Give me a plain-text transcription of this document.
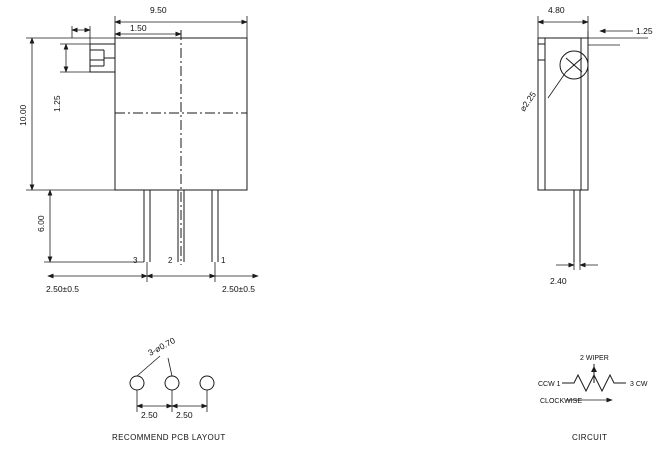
9.50
1.50
10.00
1.25
6.00
2.50±0.5	2.50±0.5
3	2	1
4.80
1.25
⌀2.25
2.40
2.50 2.50
3-⌀0.70
RECOMMEND PCB LAYOUT
CCW 1	3 CW
2 WIPER
CLOCKWISE
CIRCUIT
